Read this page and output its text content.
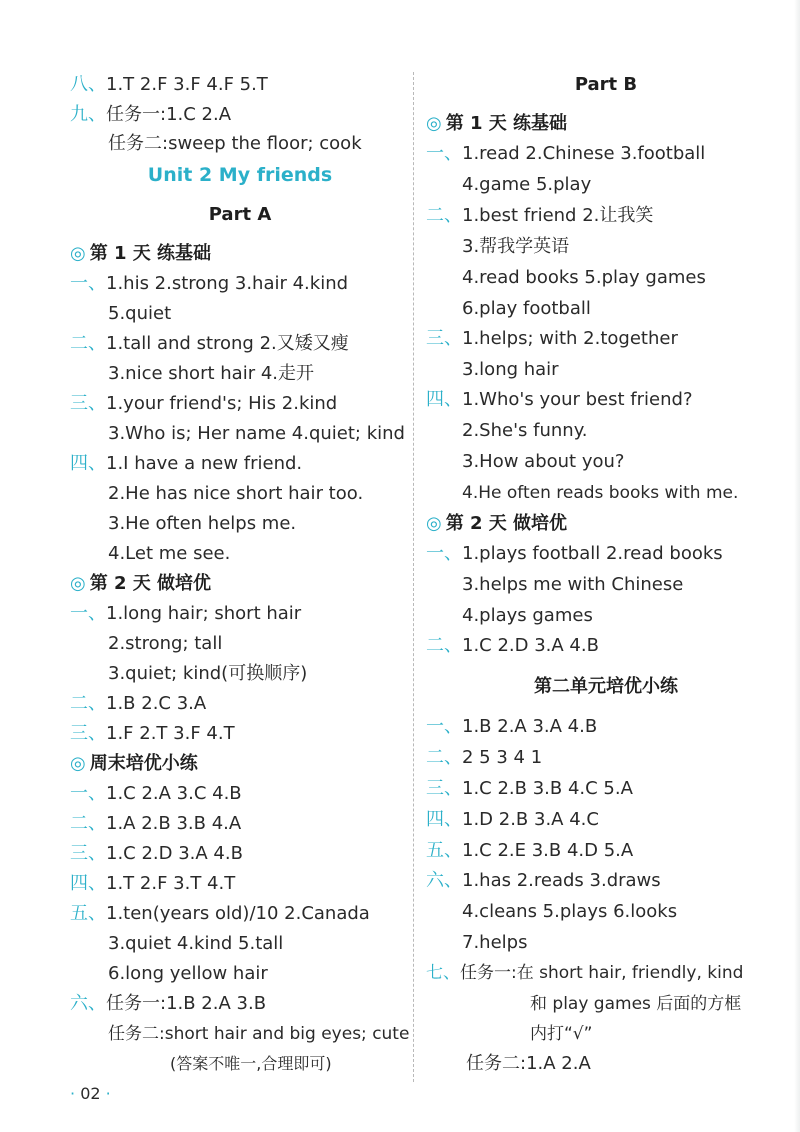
八、1.T 2.F 3.F 4.F 5.T
九、任务一:1.C 2.A
任务二:sweep the floor; cook
Unit 2 My friends
Part A
◎ 第 1 天 练基础
一、1.his 2.strong 3.hair 4.kind
5.quiet
二、1.tall and strong 2.又矮又瘦
3.nice short hair 4.走开
三、1.your friend's; His 2.kind
3.Who is; Her name 4.quiet; kind
四、1.I have a new friend.
2.He has nice short hair too.
3.He often helps me.
4.Let me see.
◎ 第 2 天 做培优
一、1.long hair; short hair
2.strong; tall
3.quiet; kind(可换顺序)
二、1.B 2.C 3.A
三、1.F 2.T 3.F 4.T
◎ 周末培优小练
一、1.C 2.A 3.C 4.B
二、1.A 2.B 3.B 4.A
三、1.C 2.D 3.A 4.B
四、1.T 2.F 3.T 4.T
五、1.ten(years old)/10 2.Canada
3.quiet 4.kind 5.tall
6.long yellow hair
六、任务一:1.B 2.A 3.B
任务二:short hair and big eyes; cute
(答案不唯一,合理即可)
Part B
◎ 第 1 天 练基础
一、1.read 2.Chinese 3.football
4.game 5.play
二、1.best friend 2.让我笑
3.帮我学英语
4.read books 5.play games
6.play football
三、1.helps; with 2.together
3.long hair
四、1.Who's your best friend?
2.She's funny.
3.How about you?
4.He often reads books with me.
◎ 第 2 天 做培优
一、1.plays football 2.read books
3.helps me with Chinese
4.plays games
二、1.C 2.D 3.A 4.B
第二单元培优小练
一、1.B 2.A 3.A 4.B
二、2 5 3 4 1
三、1.C 2.B 3.B 4.C 5.A
四、1.D 2.B 3.A 4.C
五、1.C 2.E 3.B 4.D 5.A
六、1.has 2.reads 3.draws
4.cleans 5.plays 6.looks
7.helps
七、任务一:在 short hair, friendly, kind
和 play games 后面的方框
内打“√”
任务二:1.A 2.A
· 02 ·
